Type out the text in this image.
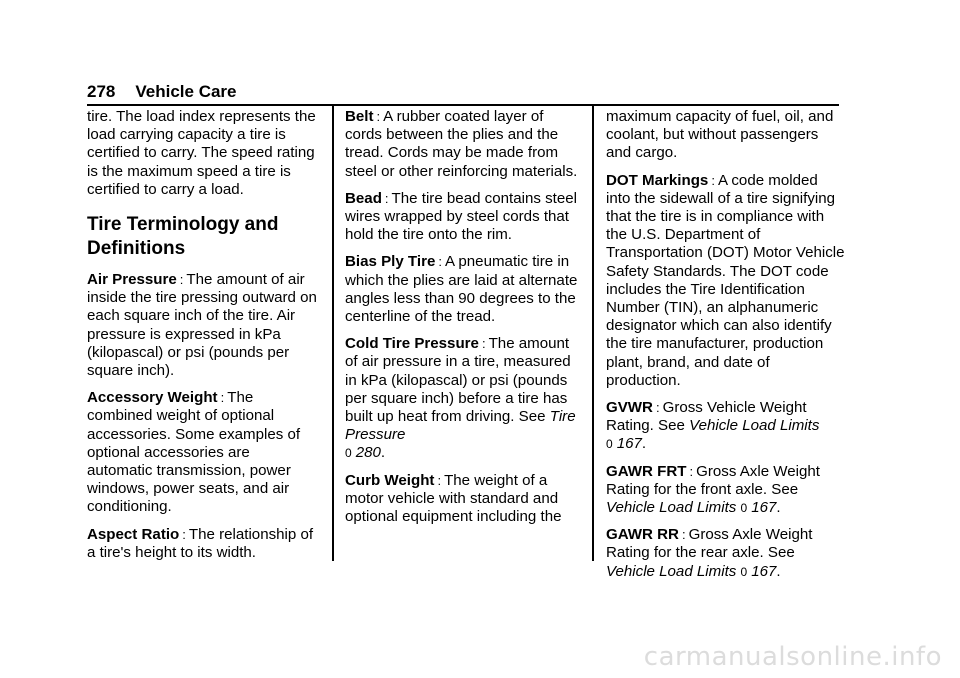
278 Vehicle Care

tire. The load index represents the load carrying capacity a tire is certified to carry. The speed rating is the maximum speed a tire is certified to carry a load.

Tire Terminology and Definitions

Air Pressure : The amount of air inside the tire pressing outward on each square inch of the tire. Air pressure is expressed in kPa (kilopascal) or psi (pounds per square inch).

Accessory Weight : The combined weight of optional accessories. Some examples of optional accessories are automatic transmission, power windows, power seats, and air conditioning.

Aspect Ratio : The relationship of a tire's height to its width.

Belt : A rubber coated layer of cords between the plies and the tread. Cords may be made from steel or other reinforcing materials.

Bead : The tire bead contains steel wires wrapped by steel cords that hold the tire onto the rim.

Bias Ply Tire : A pneumatic tire in which the plies are laid at alternate angles less than 90 degrees to the centerline of the tread.

Cold Tire Pressure : The amount of air pressure in a tire, measured in kPa (kilopascal) or psi (pounds per square inch) before a tire has built up heat from driving. See Tire Pressure
0 280.

Curb Weight : The weight of a motor vehicle with standard and optional equipment including the

maximum capacity of fuel, oil, and coolant, but without passengers and cargo.

DOT Markings : A code molded into the sidewall of a tire signifying that the tire is in compliance with the U.S. Department of Transportation (DOT) Motor Vehicle Safety Standards. The DOT code includes the Tire Identification Number (TIN), an alphanumeric designator which can also identify the tire manufacturer, production plant, brand, and date of production.

GVWR : Gross Vehicle Weight Rating. See Vehicle Load Limits
0 167.

GAWR FRT : Gross Axle Weight Rating for the front axle. See
Vehicle Load Limits 0 167.

GAWR RR : Gross Axle Weight Rating for the rear axle. See
Vehicle Load Limits 0 167.

carmanualsonline.info
